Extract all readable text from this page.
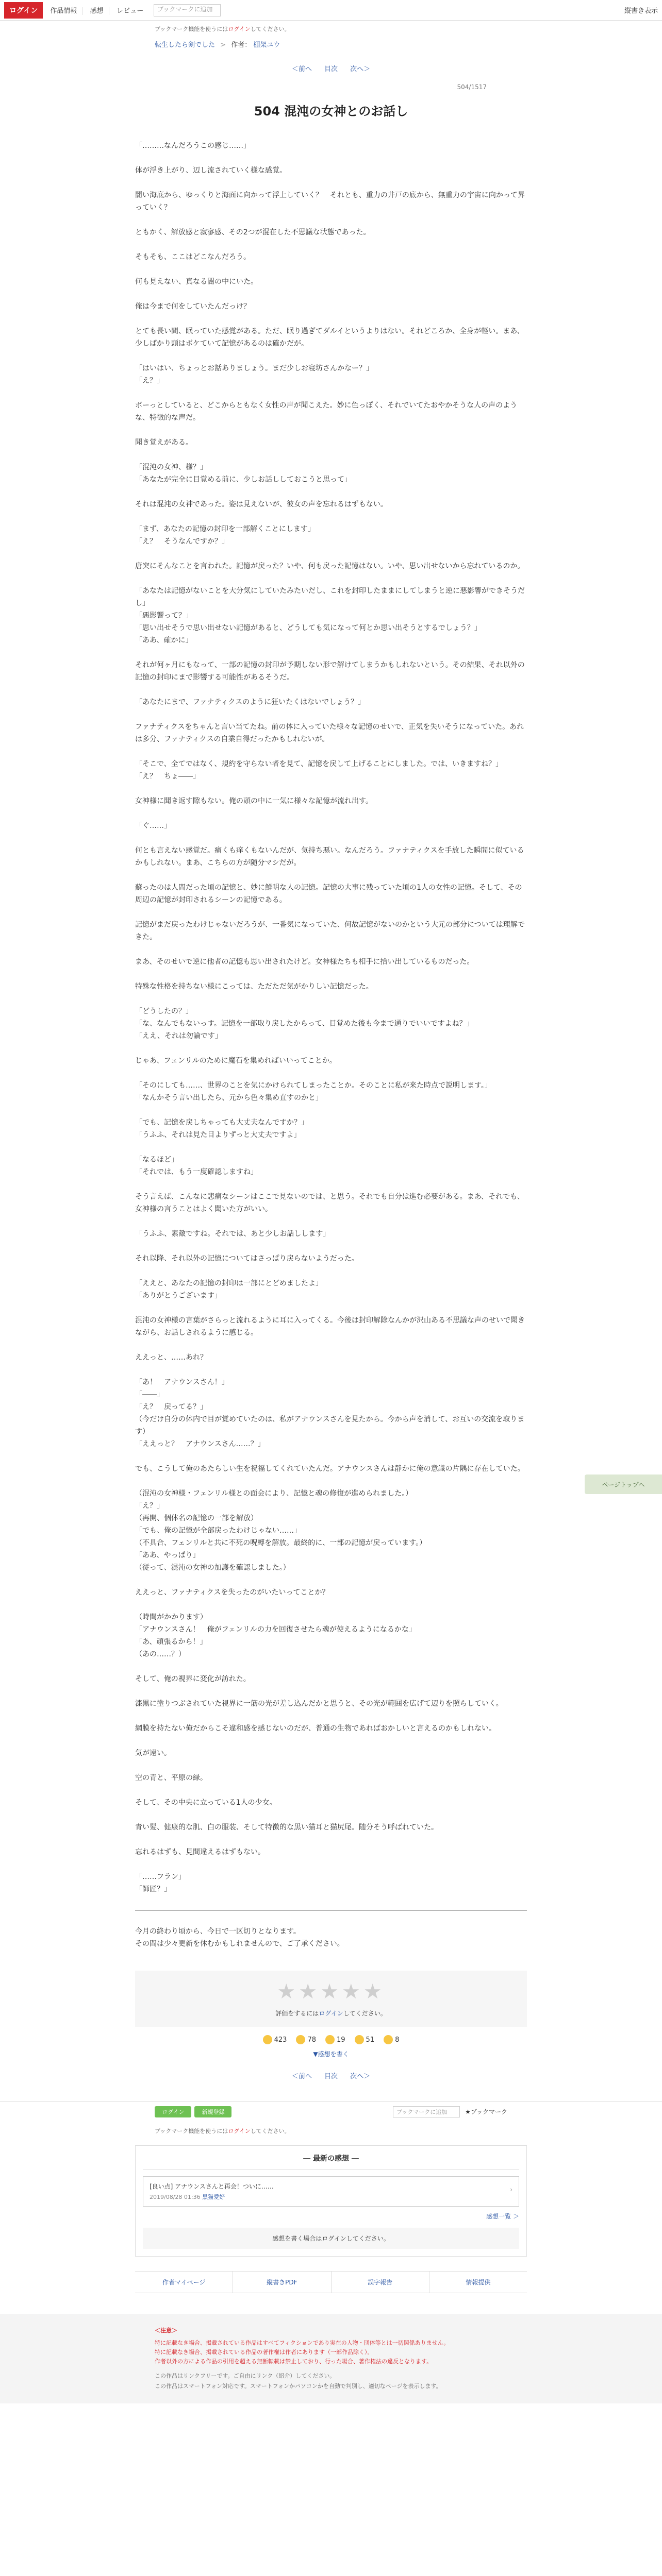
ログイン	作品情報 感想 レビュー	ブックマークに追加	縦書き表示
ブックマーク機能を使うにはログインしてください。
転生したら剣でした > 作者： 棚架ユウ
＜前へ 目次 次へ＞
504/1517
504 混沌の女神とのお話し

「………なんだろうこの感じ……」

体が浮き上がり、辺し流されていく様な感覚。

闇い海底から、ゆっくりと海面に向かって浮上していく？　それとも、重力の井戸の底から、無重力の宇宙に向かって昇っていく？

ともかく、解放感と寂寥感、その2つが混在した不思議な状態であった。

そもそも、ここはどこなんだろう。

何も見えない、真なる闇の中にいた。

俺は今まで何をしていたんだっけ？

とても長い間、眠っていた感覚がある。ただ、眠り過ぎてダルイというよりはない。それどころか、全身が軽い。まあ、少しばかり頭はボケていて記憶があるのは確かだが。

「はいはい、ちょっとお話ありましょう。まだ少しお寝坊さんかなー？」
「え？」

ボーっとしていると、どこからともなく女性の声が聞こえた。妙に色っぽく、それでいてたおやかそうな人の声のような、特徴的な声だ。

聞き覚えがある。

「混沌の女神、様？」
「あなたが完全に目覚める前に、少しお話ししておこうと思って」

それは混沌の女神であった。姿は見えないが、彼女の声を忘れるはずもない。

「まず、あなたの記憶の封印を一部解くことにします」
「え？　そうなんですか？」

唐突にそんなことを言われた。記憶が戻った？いや、何も戻った記憶はない。いや、思い出せないから忘れているのか。

「あなたは記憶がないことを大分気にしていたみたいだし、これを封印したままにしてしまうと逆に悪影響ができそうだし」
「悪影響って？」
「思い出せそうで思い出せない記憶があると、どうしても気になって何とか思い出そうとするでしょう？」
「ああ、確かに」

それが何ヶ月にもなって、一部の記憶の封印が予期しない形で解けてしまうかもしれないという。その結果、それ以外の記憶の封印にまで影響する可能性があるそうだ。

「あなたにまで、ファナティクスのように狂いたくはないでしょう？」

ファナティクスをちゃんと言い当てたね。前の体に入っていた様々な記憶のせいで、正気を失いそうになっていた。あれは多分、ファナティクスの自業自得だったかもしれないが。

「そこで、全てではなく、規約を守らない者を見て、記憶を戻して上げることにしました。では、いきますね？」
「え？　ちょ――」

女神様に聞き返す隙もない。俺の頭の中に一気に様々な記憶が流れ出す。

「ぐ……」

何とも言えない感覚だ。痛くも痒くもないんだが、気持ち悪い。なんだろう。ファナティクスを手放した瞬間に似ているかもしれない。まあ、こちらの方が随分マシだが。

蘇ったのは人間だった頃の記憶と、妙に鮮明な人の記憶。記憶の大事に残っていた頃の1人の女性の記憶。そして、その周辺の記憶が封印されるシーンの記憶である。

記憶がまだ戻ったわけじゃないだろうが、一番気になっていた、何故記憶がないのかという大元の部分については理解できた。

まあ、そのせいで逆に他者の記憶も思い出されたけど。女神様たちも相手に拾い出しているものだった。

特殊な性格を持ちない様にこっては、ただただ気がかりしい記憶だった。

「どうしたの？」
「な、なんでもないっす。記憶を一部取り戻したからって、目覚めた後も今まで通りでいいですよね？」
「ええ、それは勿論です」

じゃあ、フェンリルのために魔石を集めればいいってことか。

「そのにしても……、世界のことを気にかけられてしまったことか。そのことに私が来た時点で説明します。」
「なんかそう言い出したら、元から色々集め直すのかと」

「でも、記憶を戻しちゃっても大丈夫なんですか？」
「うふふ、それは見た目よりずっと大丈夫ですよ」

「なるほど」
「それでは、もう一度確認しますね」

そう言えば、こんなに悲痛なシーンはここで見ないのでは、と思う。それでも自分は進む必要がある。まあ、それでも、女神様の言うことはよく聞いた方がいい。

「うふふ、素敵ですね。それでは、あと少しお話しします」

それ以降、それ以外の記憶についてはさっぱり戻らないようだった。

「ええと、あなたの記憶の封印は一部にとどめましたよ」
「ありがとうございます」

混沌の女神様の言葉がさらっと流れるように耳に入ってくる。今後は封印解除なんかが沢山ある不思議な声のせいで聞きながら、お話しされるように感じる。

ええっと、……あれ？

「あ！　アナウンスさん！」
「――」
「え？　戻ってる？」
（今だけ自分の体内で目が覚めていたのは、私がアナウンスさんを見たから。今から声を消して、お互いの交流を取ります）
「ええっと？　アナウンスさん……？」

でも、こうして俺のあたらしい生を祝福してくれていたんだ。アナウンスさんは静かに俺の意識の片隅に存在していた。

（混沌の女神様・フェンリル様との面会により、記憶と魂の修復が進められました。）
「え？」
（再開、個体名の記憶の一部を解放）
「でも、俺の記憶が全部戻ったわけじゃない……」
（不具合、フェンリルと共に不死の呪縛を解放。最終的に、一部の記憶が戻っています。）
「ああ、やっぱり」
（従って、混沌の女神の加護を確認しました。）

ええっと、ファナティクスを失ったのがいたいってことか？

（時間がかかります）
「アナウンスさん！　俺がフェンリルの力を回復させたら魂が使えるようになるかな」
「あ、頑張るから！」
（あの……？）

そして、俺の視界に変化が訪れた。

漆黒に塗りつぶされていた視界に一筋の光が差し込んだかと思うと、その光が範囲を広げて辺りを照らしていく。

網膜を持たない俺だからこそ違和感を感じないのだが、普通の生物であればおかしいと言えるのかもしれない。

気が遠い。

空の青と、平原の緑。

そして、その中央に立っている1人の少女。

青い髪、健康的な肌、白の服装、そして特徴的な黒い猫耳と猫尻尾。随分そう呼ばれていた。

忘れるはずも、見間違えるはずもない。

「……フラン」
「師匠？」

今月の終わり頃から、今日で一区切りとなります。
その間は少々更新を休むかもしれませんので、ご了承ください。
★★★★★
評価をするにはログインしてください。
423	78	19	51	8
▼感想を書く
＜前へ 目次 次へ＞
ページトップへ
ログイン	新規登録	ブックマークに追加	★ブックマーク
ブックマーク機能を使うにはログインしてください。
― 最新の感想 ―
[良い点] アナウンスさんと再会！ついに……
2019/08/28 01:36 黒猫愛好
›
感想一覧 ＞
感想を書く場合はログインしてください。
作者マイページ	縦書きPDF	誤字報告	情報提供
＜注意＞
特に記載なき場合、掲載されている作品はすべてフィクションであり実在の人物・団体等とは一切関係ありません。
特に記載なき場合、掲載されている作品の著作権は作者にあります（一部作品除く）。
作者以外の方による作品の引用を超える無断転載は禁止しており、行った場合、著作権法の違反となります。
この作品はリンクフリーです。ご自由にリンク（紹介）してください。
この作品はスマートフォン対応です。スマートフォンかパソコンかを自動で判別し、適切なページを表示します。
